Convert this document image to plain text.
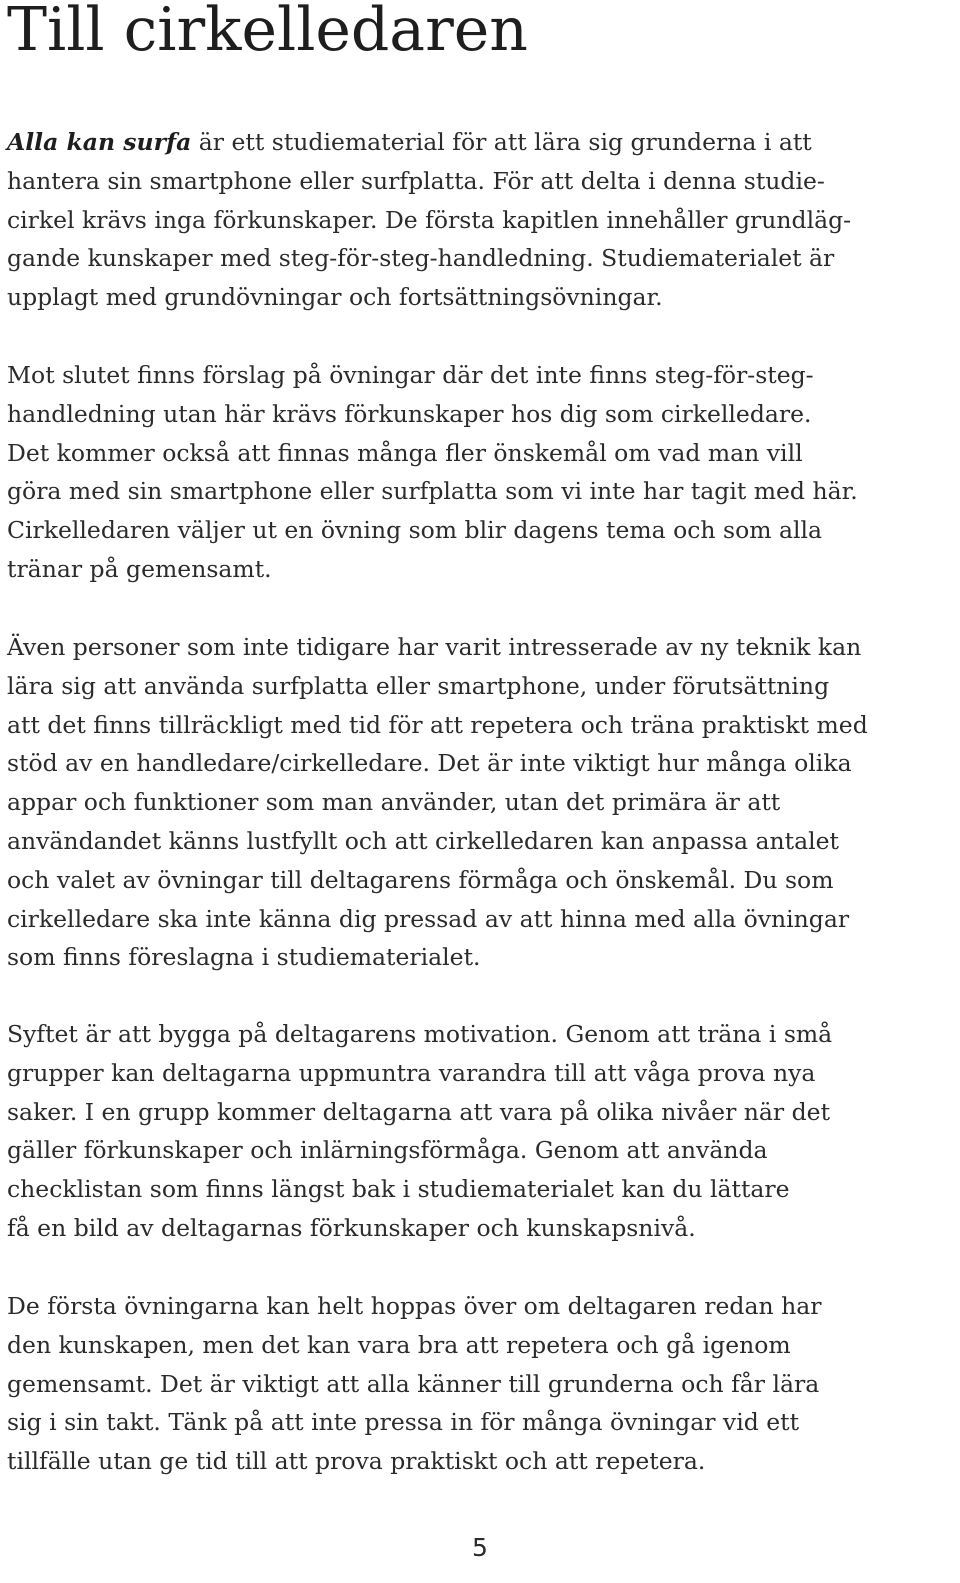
Till cirkelledaren
Alla kan surfa är ett studiematerial för att lära sig grunderna i att
hantera sin smartphone eller surfplatta. För att delta i denna studie-
cirkel krävs inga förkunskaper. De första kapitlen innehåller grundläg-
gande kunskaper med steg-för-steg-handledning. Studiematerialet är
upplagt med grundövningar och fortsättningsövningar.
Mot slutet finns förslag på övningar där det inte finns steg-för-steg-
handledning utan här krävs förkunskaper hos dig som cirkelledare.
Det kommer också att finnas många fler önskemål om vad man vill
göra med sin smartphone eller surfplatta som vi inte har tagit med här.
Cirkelledaren väljer ut en övning som blir dagens tema och som alla
tränar på gemensamt.
Även personer som inte tidigare har varit intresserade av ny teknik kan
lära sig att använda surfplatta eller smartphone, under förutsättning
att det finns tillräckligt med tid för att repetera och träna praktiskt med
stöd av en handledare/cirkelledare. Det är inte viktigt hur många olika
appar och funktioner som man använder, utan det primära är att
användandet känns lustfyllt och att cirkelledaren kan anpassa antalet
och valet av övningar till deltagarens förmåga och önskemål. Du som
cirkelledare ska inte känna dig pressad av att hinna med alla övningar
som finns föreslagna i studiematerialet.
Syftet är att bygga på deltagarens motivation. Genom att träna i små
grupper kan deltagarna uppmuntra varandra till att våga prova nya
saker. I en grupp kommer deltagarna att vara på olika nivåer när det
gäller förkunskaper och inlärningsförmåga. Genom att använda
checklistan som finns längst bak i studiematerialet kan du lättare
få en bild av deltagarnas förkunskaper och kunskapsnivå.
De första övningarna kan helt hoppas över om deltagaren redan har
den kunskapen, men det kan vara bra att repetera och gå igenom
gemensamt. Det är viktigt att alla känner till grunderna och får lära
sig i sin takt. Tänk på att inte pressa in för många övningar vid ett
tillfälle utan ge tid till att prova praktiskt och att repetera.
5
